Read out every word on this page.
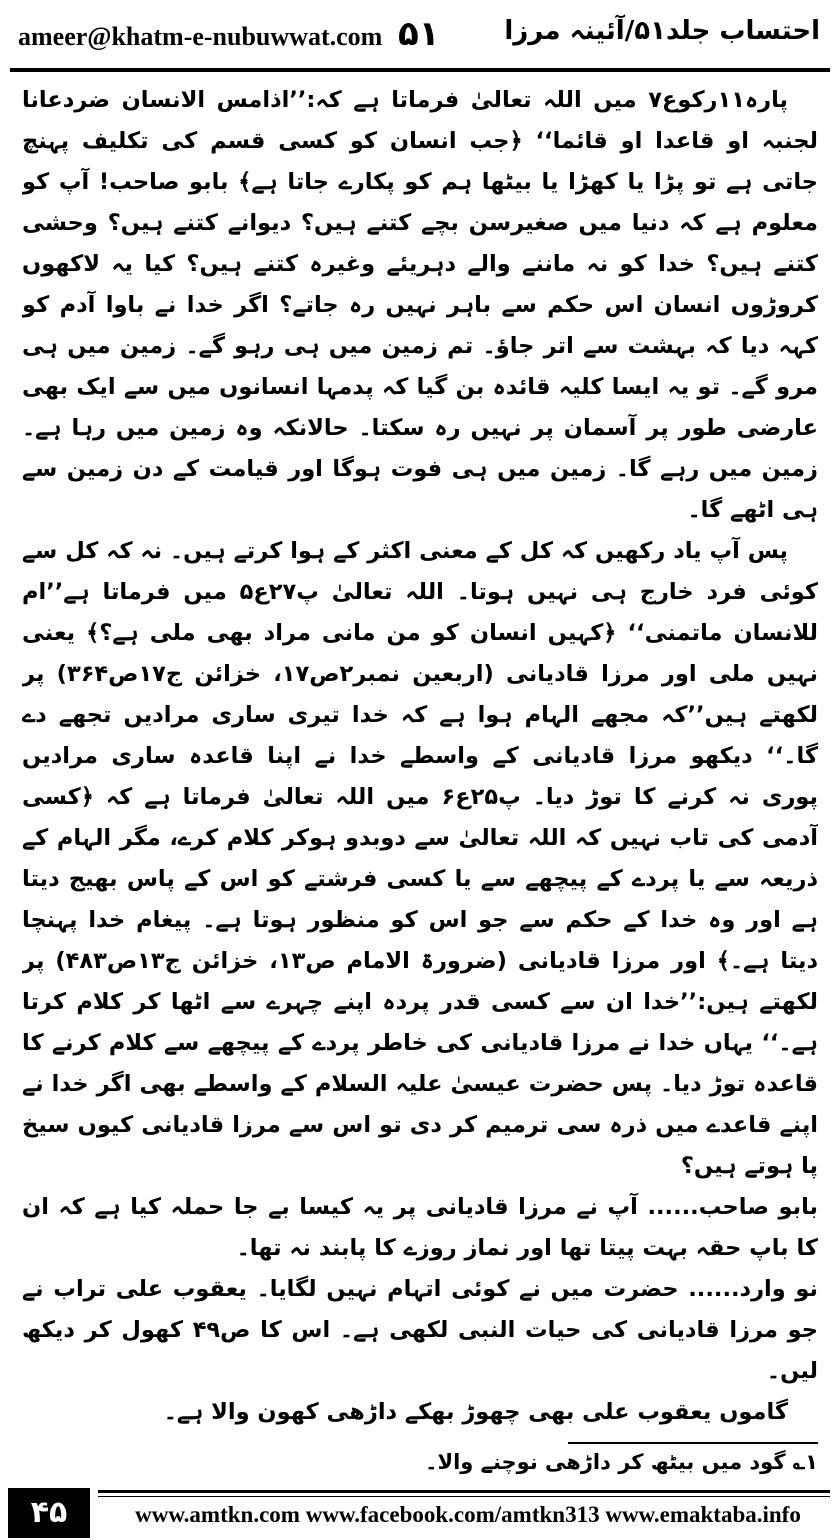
ameer@khatm-e-nubuwwat.com ۵۱ احتساب جلد۵۱/آئینہ مرزا

پارہ۱۱رکوع۷ میں اللہ تعالیٰ فرماتا ہے کہ:’’اذامس الانسان ضردعانا لجنبہ او قاعدا او قائما‘‘ ﴿جب انسان کو کسی قسم کی تکلیف پہنچ جاتی ہے تو پڑا یا کھڑا یا بیٹھا ہم کو پکارے جاتا ہے﴾ بابو صاحب! آپ کو معلوم ہے کہ دنیا میں صغیرسن بچے کتنے ہیں؟ دیوانے کتنے ہیں؟ وحشی کتنے ہیں؟ خدا کو نہ ماننے والے دہریئے وغیرہ کتنے ہیں؟ کیا یہ لاکھوں کروڑوں انسان اس حکم سے باہر نہیں رہ جاتے؟ اگر خدا نے باوا آدم کو کہہ دیا کہ بہشت سے اتر جاؤ۔ تم زمین میں ہی رہو گے۔ زمین میں ہی مرو گے۔ تو یہ ایسا کلیہ قائدہ بن گیا کہ پدمہا انسانوں میں سے ایک بھی عارضی طور پر آسمان پر نہیں رہ سکتا۔ حالانکہ وہ زمین میں رہا ہے۔ زمین میں رہے گا۔ زمین میں ہی فوت ہوگا اور قیامت کے دن زمین سے ہی اٹھے گا۔

پس آپ یاد رکھیں کہ کل کے معنی اکثر کے ہوا کرتے ہیں۔ نہ کہ کل سے کوئی فرد خارج ہی نہیں ہوتا۔ اللہ تعالیٰ پ۲۷ع۵ میں فرماتا ہے’’ام للانسان ماتمنی‘‘ ﴿کہیں انسان کو من مانی مراد بھی ملی ہے؟﴾ یعنی نہیں ملی اور مرزا قادیانی (اربعین نمبر۲ص۱۷، خزائن ج۱۷ص۳۶۴) پر لکھتے ہیں’’کہ مجھے الہام ہوا ہے کہ خدا تیری ساری مرادیں تجھے دے گا۔‘‘ دیکھو مرزا قادیانی کے واسطے خدا نے اپنا قاعدہ ساری مرادیں پوری نہ کرنے کا توڑ دیا۔ پ۲۵ع۶ میں اللہ تعالیٰ فرماتا ہے کہ ﴿کسی آدمی کی تاب نہیں کہ اللہ تعالیٰ سے دوبدو ہوکر کلام کرے، مگر الہام کے ذریعہ سے یا پردے کے پیچھے سے یا کسی فرشتے کو اس کے پاس بھیج دیتا ہے اور وہ خدا کے حکم سے جو اس کو منظور ہوتا ہے۔ پیغام خدا پہنچا دیتا ہے۔﴾ اور مرزا قادیانی (ضرورۃ الامام ص۱۳، خزائن ج۱۳ص۴۸۳) پر لکھتے ہیں:’’خدا ان سے کسی قدر پردہ اپنے چہرے سے اٹھا کر کلام کرتا ہے۔‘‘ یہاں خدا نے مرزا قادیانی کی خاطر پردے کے پیچھے سے کلام کرنے کا قاعدہ توڑ دیا۔ پس حضرت عیسیٰ علیہ السلام کے واسطے بھی اگر خدا نے اپنے قاعدے میں ذرہ سی ترمیم کر دی تو اس سے مرزا قادیانی کیوں سیخ پا ہوتے ہیں؟

بابو صاحب...... آپ نے مرزا قادیانی پر یہ کیسا بے جا حملہ کیا ہے کہ ان کا باپ حقہ بہت پیتا تھا اور نماز روزے کا پابند نہ تھا۔

نو وارد...... حضرت میں نے کوئی اتہام نہیں لگایا۔ یعقوب علی تراب نے جو مرزا قادیانی کی حیات النبی لکھی ہے۔ اس کا ص۴۹ کھول کر دیکھ لیں۔

گاموں یعقوب علی بھی چھوڑ بھکے داڑھی کھون والا ہے۔

۱؎ گود میں بیٹھ کر داڑھی نوچنے والا۔
۴۵	www.amtkn.com www.facebook.com/amtkn313 www.emaktaba.info
